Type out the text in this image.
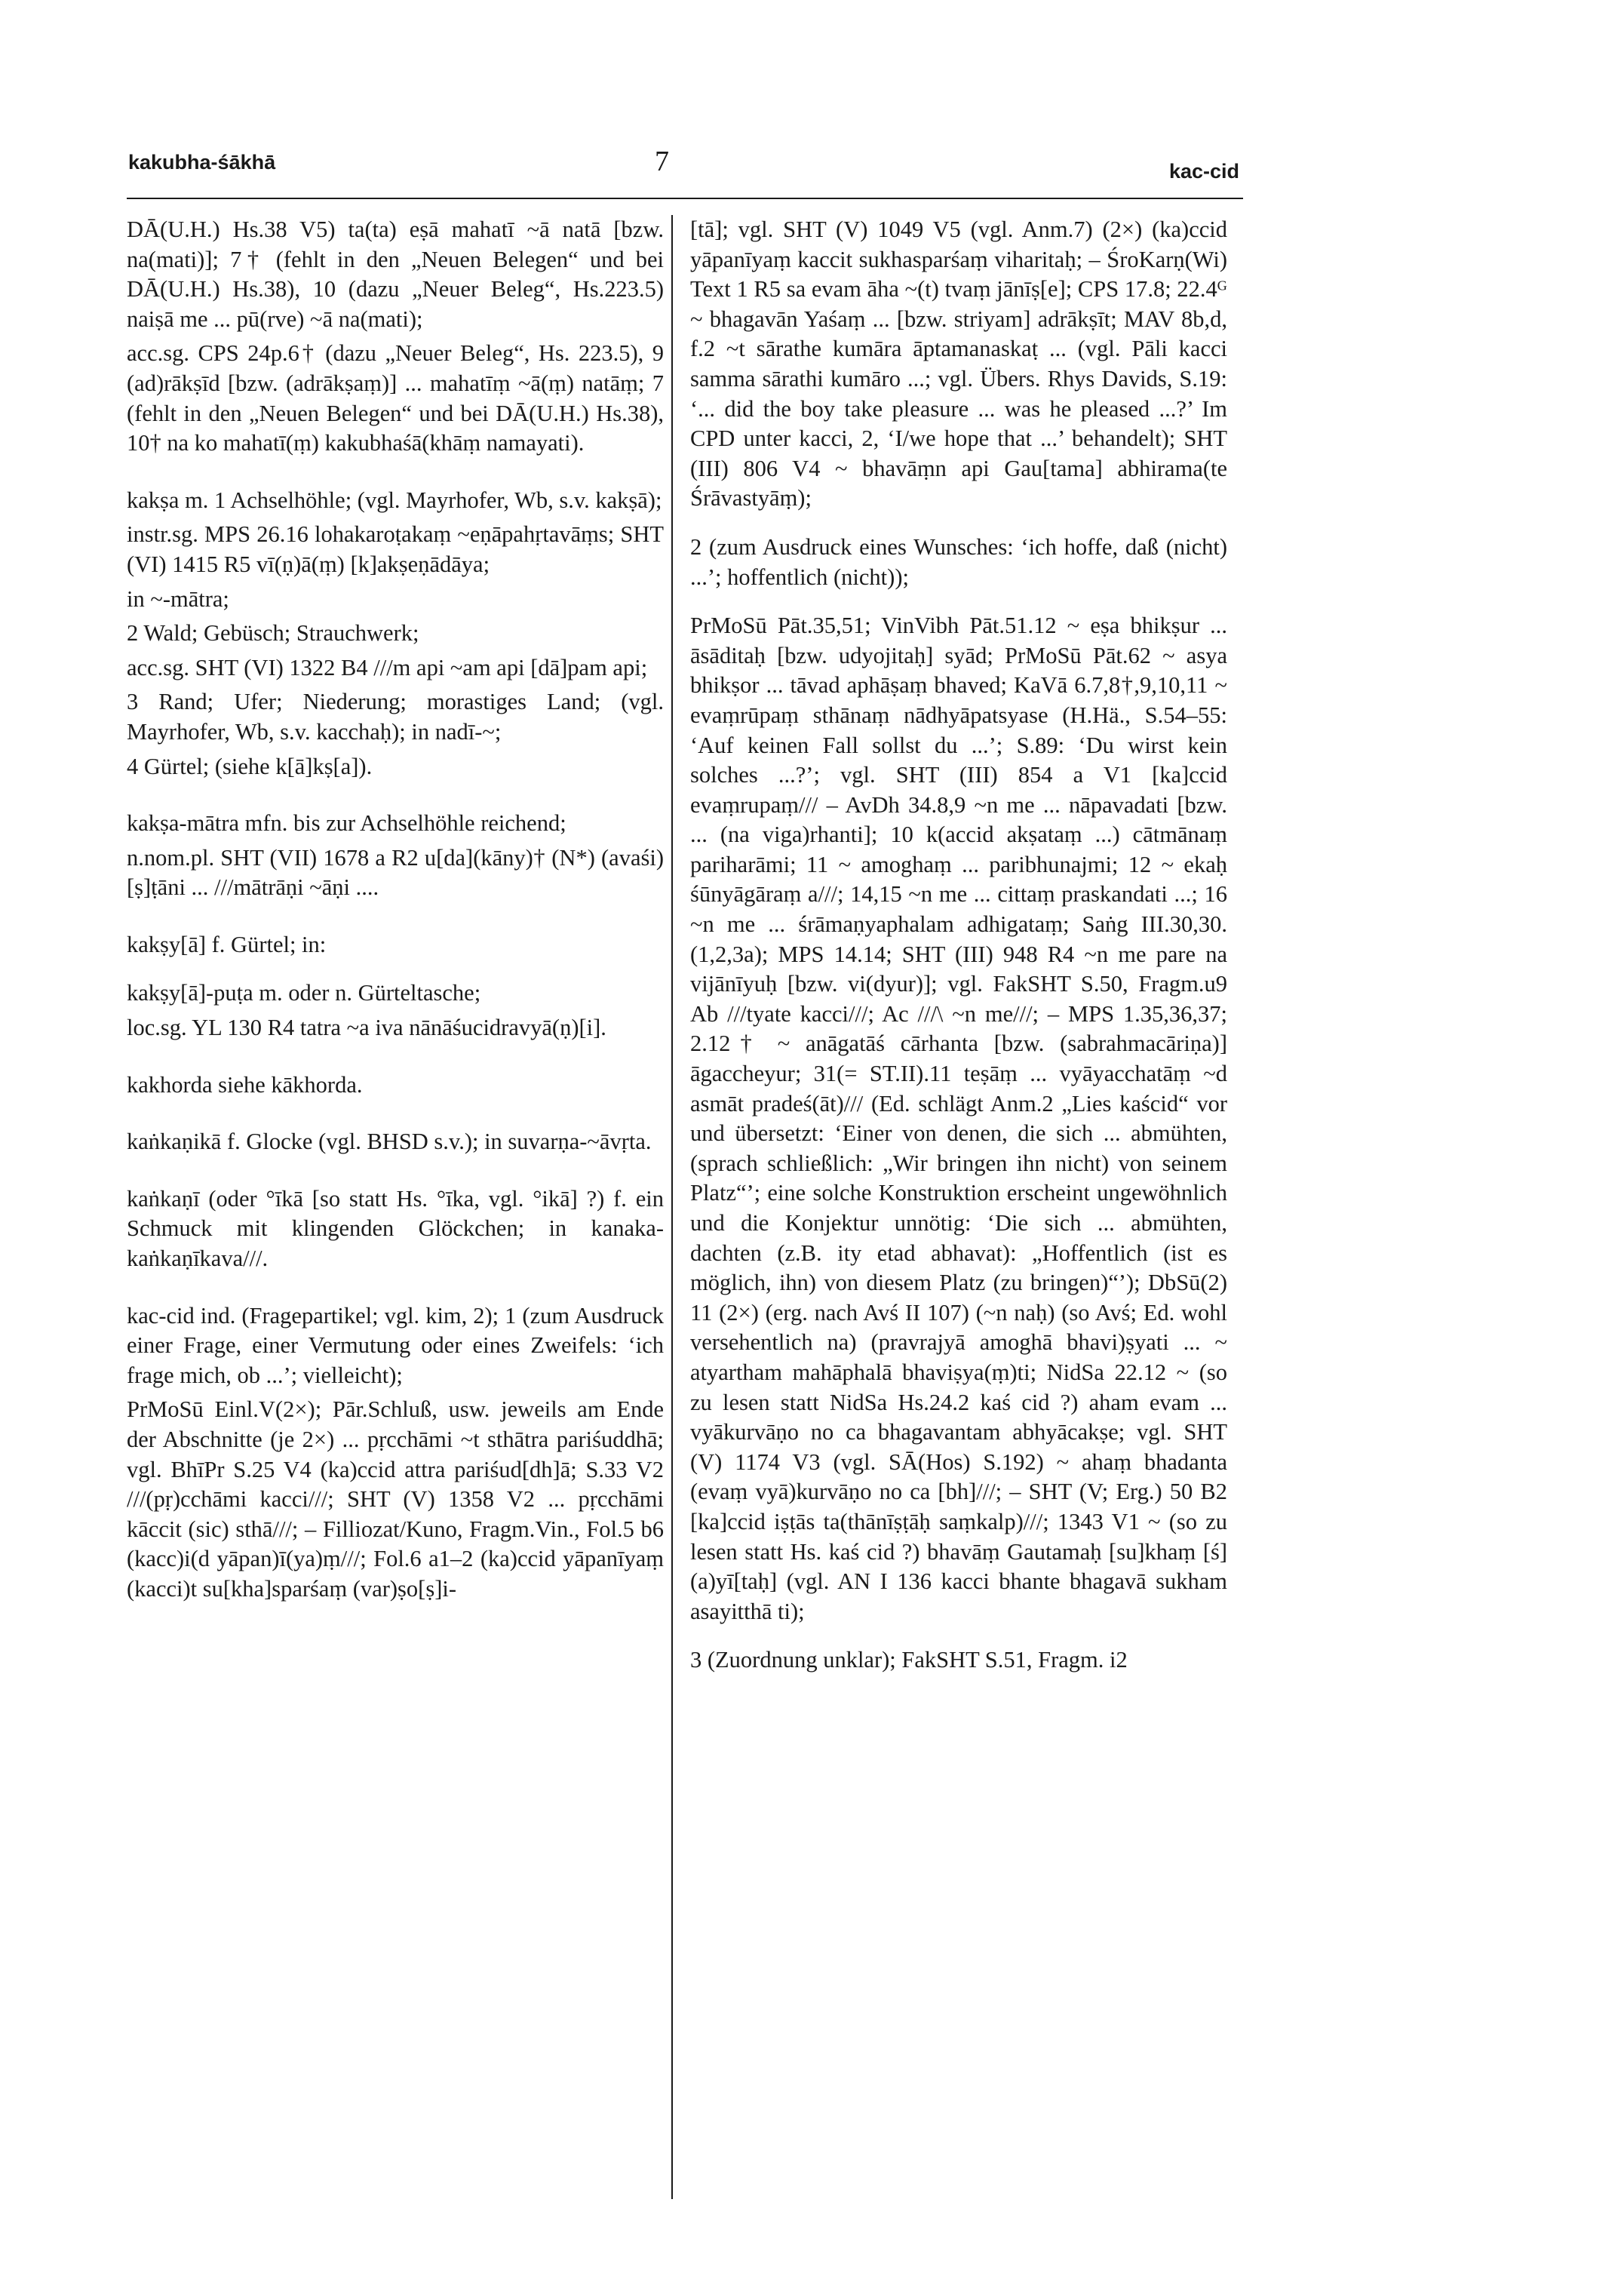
kakubha-śākhā	7	kac-cid

DĀ(U.H.) Hs.38 V5) ta(ta) eṣā mahatī ~ā natā [bzw. na(mati)]; 7† (fehlt in den „Neuen Belegen“ und bei DĀ(U.H.) Hs.38), 10 (dazu „Neuer Beleg“, Hs.223.5) naiṣā me ... pū(rve) ~ā na(mati);

acc.sg. CPS 24p.6† (dazu „Neuer Beleg“, Hs. 223.5), 9 (ad)rākṣīd [bzw. (adrākṣaṃ)] ... mahatīṃ ~ā(ṃ) natāṃ; 7 (fehlt in den „Neuen Belegen“ und bei DĀ(U.H.) Hs.38), 10† na ko mahatī(ṃ) kakubhaśā(khāṃ namayati).

kakṣa m. 1 Achselhöhle; (vgl. Mayrhofer, Wb, s.v. kakṣā);

instr.sg. MPS 26.16 lohakaroṭakaṃ ~eṇāpahṛtavāṃs; SHT (VI) 1415 R5 vī(ṇ)ā(ṃ) [k]akṣeṇādāya;

in ~-mātra;

2 Wald; Gebüsch; Strauchwerk;

acc.sg. SHT (VI) 1322 B4 ///m api ~am api [dā]pam api;

3 Rand; Ufer; Niederung; morastiges Land; (vgl. Mayrhofer, Wb, s.v. kacchaḥ); in nadī-~;

4 Gürtel; (siehe k[ā]kṣ[a]).

kakṣa-mātra mfn. bis zur Achselhöhle reichend;

n.nom.pl. SHT (VII) 1678 a R2 u[da](kāny)† (N*) (avaśi)[ṣ]ṭāni ... ///mātrāṇi ~āṇi ....

kakṣy[ā] f. Gürtel; in:

kakṣy[ā]-puṭa m. oder n. Gürteltasche;

loc.sg. YL 130 R4 tatra ~a iva nānāśucidravyā(ṇ)[i].

kakhorda siehe kākhorda.

kaṅkaṇikā f. Glocke (vgl. BHSD s.v.); in suvarṇa-~āvṛta.

kaṅkaṇī (oder °īkā [so statt Hs. °īka, vgl. °ikā] ?) f. ein Schmuck mit klingenden Glöckchen; in kanaka-kaṅkaṇīkava///.

kac-cid ind. (Fragepartikel; vgl. kim, 2); 1 (zum Ausdruck einer Frage, einer Vermutung oder eines Zweifels: ‘ich frage mich, ob ...’; vielleicht);

PrMoSū Einl.V(2×); Pār.Schluß, usw. jeweils am Ende der Abschnitte (je 2×) ... pṛcchāmi ~t sthātra pariśuddhā; vgl. BhīPr S.25 V4 (ka)ccid attra pariśud[dh]ā; S.33 V2 ///(pṛ)cchāmi kacci///; SHT (V) 1358 V2 ... pṛcchāmi kāccit (sic) sthā///; – Filliozat/Kuno, Fragm.Vin., Fol.5 b6 (kacc)i(d yāpan)ī(ya)ṃ///; Fol.6 a1–2 (ka)ccid yāpanīyaṃ (kacci)t su[kha]sparśaṃ (var)ṣo[ṣ]i-

[tā]; vgl. SHT (V) 1049 V5 (vgl. Anm.7) (2×) (ka)ccid yāpanīyaṃ kaccit sukhasparśaṃ viharitaḥ; – ŚroKarṇ(Wi) Text 1 R5 sa evam āha ~(t) tvaṃ jānīṣ[e]; CPS 17.8; 22.4ᴳ ~ bhagavān Yaśaṃ ... [bzw. striyam] adrākṣīt; MAV 8b,d, f.2 ~t sārathe kumāra āptamanaskaṭ ... (vgl. Pāli kacci samma sārathi kumāro ...; vgl. Übers. Rhys Davids, S.19: ‘... did the boy take pleasure ... was he pleased ...?’ Im CPD unter kacci, 2, ‘I/we hope that ...’ behandelt); SHT (III) 806 V4 ~ bhavāṃn api Gau[tama] abhirama(te Śrāvastyāṃ);

2 (zum Ausdruck eines Wunsches: ‘ich hoffe, daß (nicht) ...’; hoffentlich (nicht));

PrMoSū Pāt.35,51; VinVibh Pāt.51.12 ~ eṣa bhikṣur ... āsāditaḥ [bzw. udyojitaḥ] syād; PrMoSū Pāt.62 ~ asya bhikṣor ... tāvad aphāṣaṃ bhaved; KaVā 6.7,8†,9,10,11 ~ evaṃrūpaṃ sthānaṃ nādhyāpatsyase (H.Hä., S.54–55: ‘Auf keinen Fall sollst du ...’; S.89: ‘Du wirst kein solches ...?’; vgl. SHT (III) 854 a V1 [ka]ccid evaṃrupaṃ/// – AvDh 34.8,9 ~n me ... nāpavadati [bzw. ... (na viga)rhanti]; 10 k(accid akṣataṃ ...) cātmānaṃ pariharāmi; 11 ~ amoghaṃ ... paribhunajmi; 12 ~ ekaḥ śūnyāgāraṃ a///; 14,15 ~n me ... cittaṃ praskandati ...; 16 ~n me ... śrāmaṇyaphalam adhigataṃ; Saṅg III.30,30.(1,2,3a); MPS 14.14; SHT (III) 948 R4 ~n me pare na vijānīyuḥ [bzw. vi(dyur)]; vgl. FakSHT S.50, Fragm.u9 Ab ///tyate kacci///; Ac ///\ ~n me///; – MPS 1.35,36,37; 2.12† ~ anāgatāś cārhanta [bzw. (sabrahmacāriṇa)] āgaccheyur; 31(= ST.II).11 teṣāṃ ... vyāyacchatāṃ ~d asmāt pradeś(āt)/// (Ed. schlägt Anm.2 „Lies kaścid“ vor und übersetzt: ‘Einer von denen, die sich ... abmühten, (sprach schließlich: „Wir bringen ihn nicht) von seinem Platz“’; eine solche Konstruktion erscheint ungewöhnlich und die Konjektur unnötig: ‘Die sich ... abmühten, dachten (z.B. ity etad abhavat): „Hoffentlich (ist es möglich, ihn) von diesem Platz (zu bringen)“’); DbSū(2) 11 (2×) (erg. nach Avś II 107) (~n naḥ) (so Avś; Ed. wohl versehentlich na) (pravrajyā amoghā bhavi)ṣyati ... ~ atyartham mahāphalā bhaviṣya(ṃ)ti; NidSa 22.12 ~ (so zu lesen statt NidSa Hs.24.2 kaś cid ?) aham evam ... vyākurvāṇo no ca bhagavantam abhyācakṣe; vgl. SHT (V) 1174 V3 (vgl. SĀ(Hos) S.192) ~ ahaṃ bhadanta (evaṃ vyā)kurvāṇo no ca [bh]///; – SHT (V; Erg.) 50 B2 [ka]ccid iṣṭās ta(thānīṣṭāḥ saṃkalp)///; 1343 V1 ~ (so zu lesen statt Hs. kaś cid ?) bhavāṃ Gautamaḥ [su]khaṃ [ś](a)yī[taḥ] (vgl. AN I 136 kacci bhante bhagavā sukham asayitthā ti);

3 (Zuordnung unklar); FakSHT S.51, Fragm. i2
